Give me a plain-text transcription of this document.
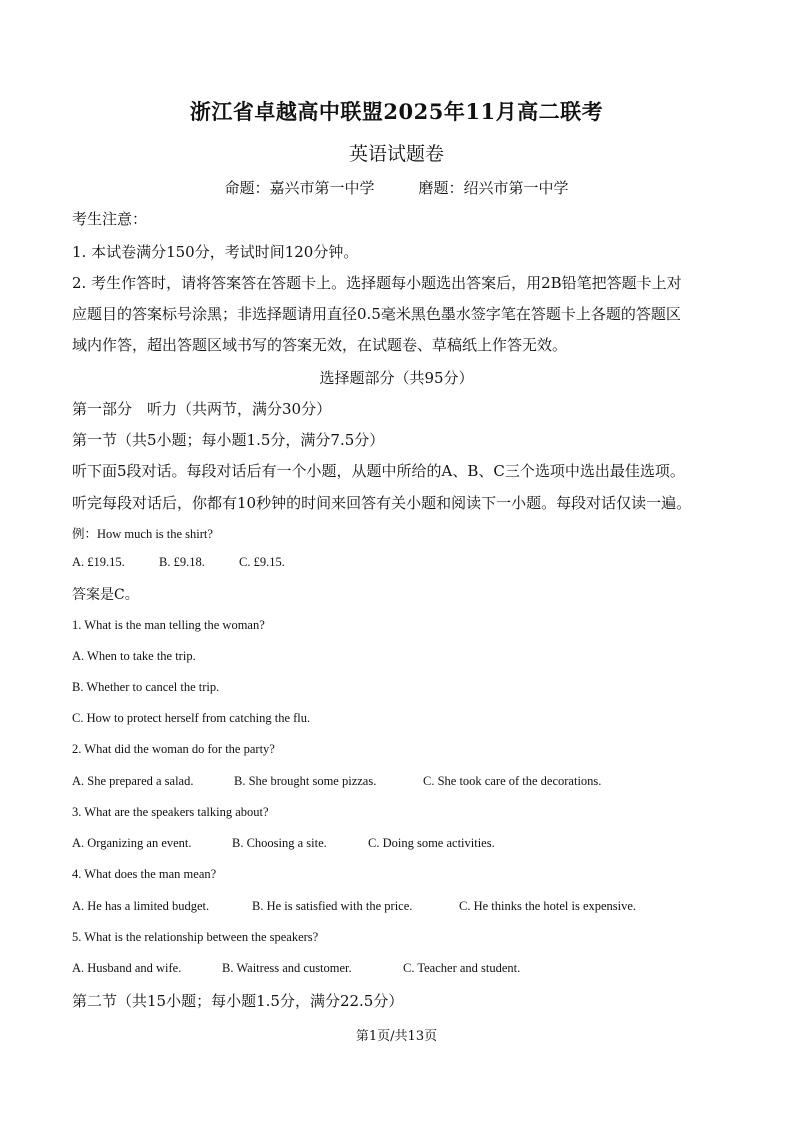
浙江省卓越高中联盟2025年11月高二联考
英语试题卷
命题：嘉兴市第一中学	磨题：绍兴市第一中学
考生注意：
1. 本试卷满分150分，考试时间120分钟。
2. 考生作答时，请将答案答在答题卡上。选择题每小题选出答案后，用2B铅笔把答题卡上对
应题目的答案标号涂黑；非选择题请用直径0.5毫米黑色墨水签字笔在答题卡上各题的答题区
域内作答，超出答题区域书写的答案无效，在试题卷、草稿纸上作答无效。
选择题部分（共95分）
第一部分　听力（共两节，满分30分）
第一节（共5小题；每小题1.5分，满分7.5分）
听下面5段对话。每段对话后有一个小题，从题中所给的A、B、C三个选项中选出最佳选项。
听完每段对话后，你都有10秒钟的时间来回答有关小题和阅读下一小题。每段对话仅读一遍。
例：How much is the shirt?
A. £19.15.	B. £9.18.	C. £9.15.
答案是C。
1. What is the man telling the woman?
A. When to take the trip.
B. Whether to cancel the trip.
C. How to protect herself from catching the flu.
2. What did the woman do for the party?
A. She prepared a salad.	B. She brought some pizzas.	C. She took care of the decorations.
3. What are the speakers talking about?
A. Organizing an event.	B. Choosing a site.	C. Doing some activities.
4. What does the man mean?
A. He has a limited budget.	B. He is satisfied with the price.	C. He thinks the hotel is expensive.
5. What is the relationship between the speakers?
A. Husband and wife.	B. Waitress and customer.	C. Teacher and student.
第二节（共15小题；每小题1.5分，满分22.5分）
第1页/共13页
